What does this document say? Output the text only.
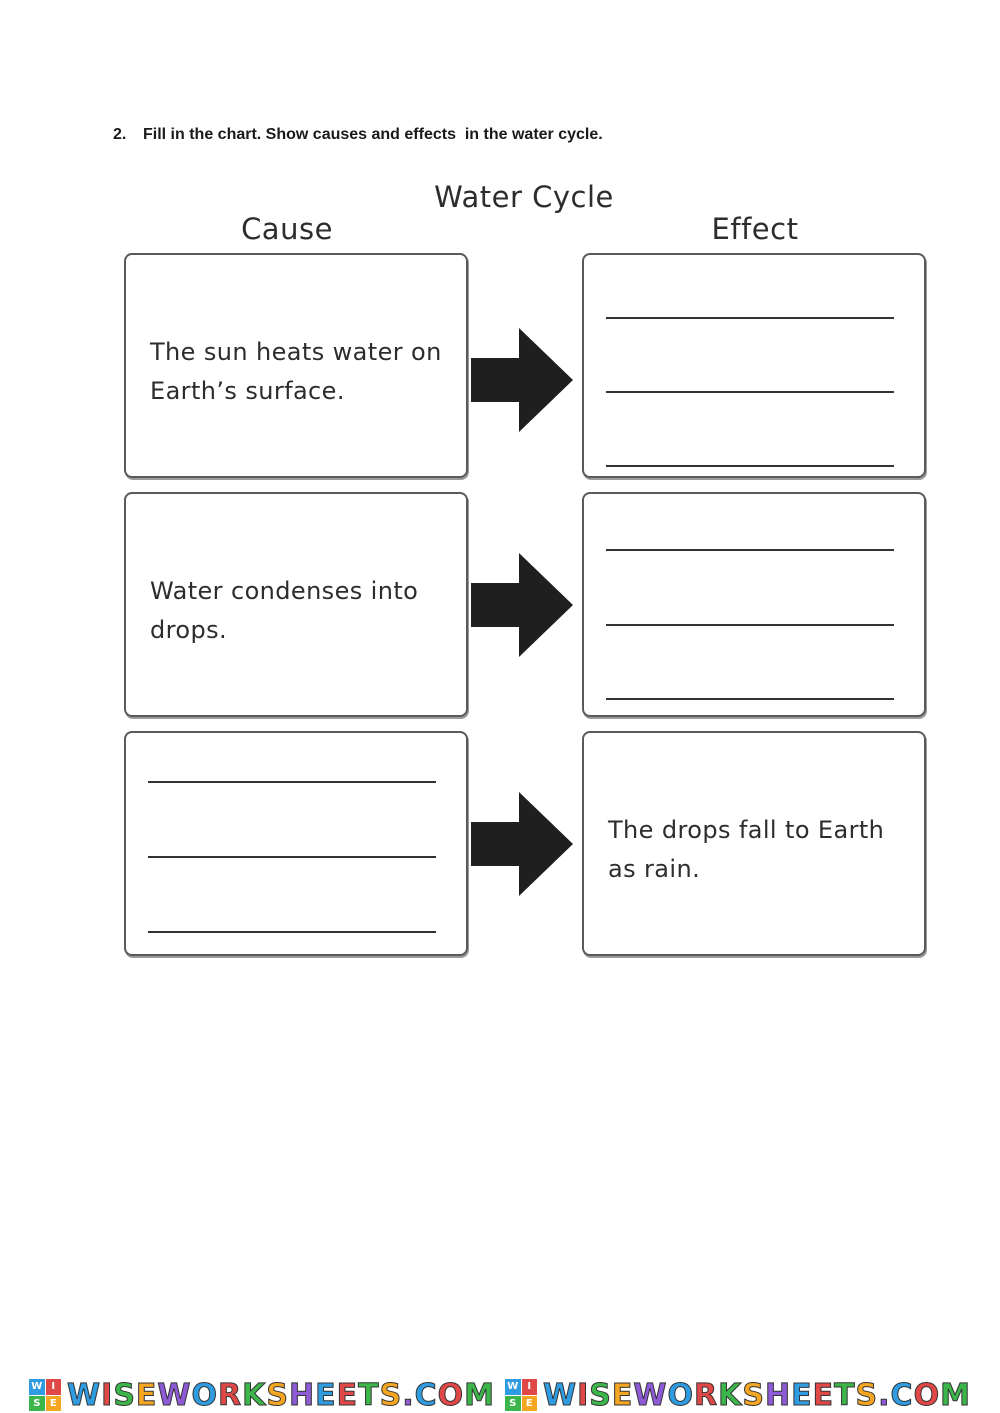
2. Fill in the chart. Show causes and effects  in the water cycle.
Water Cycle
Cause	Effect
The sun heats water on Earth’s surface.
Water condenses into drops.
The drops fall to Earth as rain.
W I
S E WISEWORKSHEETS.COM W I
S E WISEWORKSHEETS.COM
